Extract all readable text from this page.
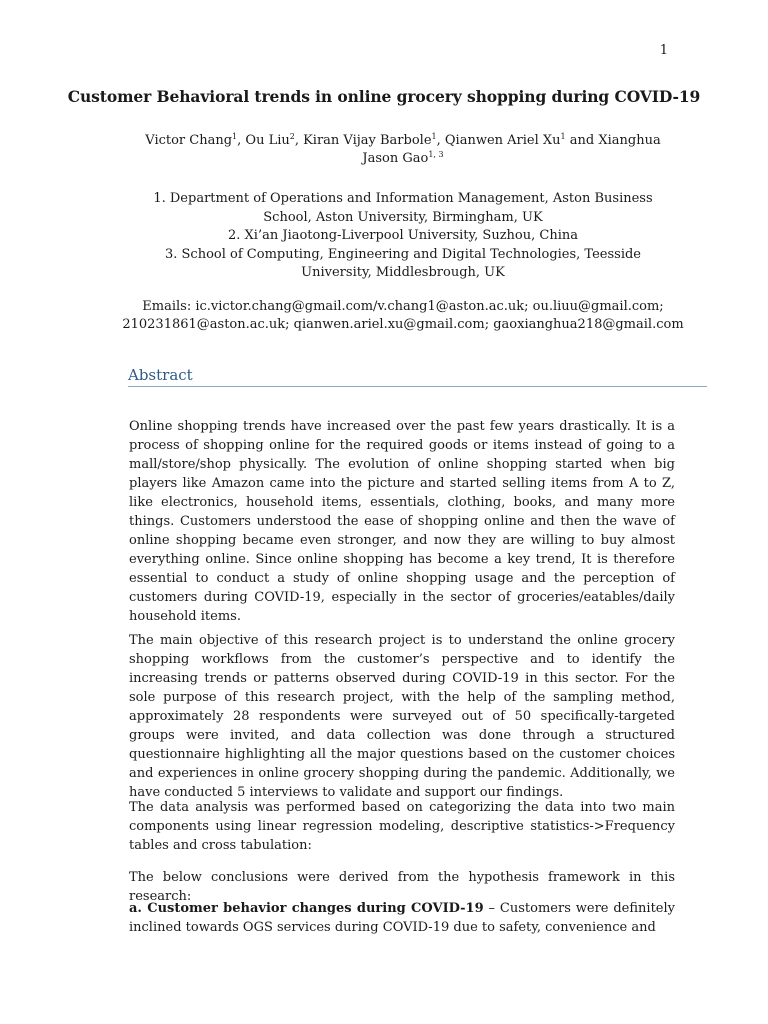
1
Customer Behavioral trends in online grocery shopping during COVID-19
Victor Chang$^1$, Ou Liu$^2$, Kiran Vijay Barbole$^1$, Qianwen Ariel Xu$^1$ and Xianghua Jason Gao$^{1, 3}$
1. Department of Operations and Information Management, Aston Business School, Aston University, Birmingham, UK
2. Xi’an Jiaotong-Liverpool University, Suzhou, China
3. School of Computing, Engineering and Digital Technologies, Teesside University, Middlesbrough, UK
Emails: ic.victor.chang@gmail.com/v.chang1@aston.ac.uk; ou.liuu@gmail.com; 210231861@aston.ac.uk; qianwen.ariel.xu@gmail.com; gaoxianghua218@gmail.com
Abstract

Online shopping trends have increased over the past few years drastically. It is a process of shopping online for the required goods or items instead of going to a mall/store/shop physically. The evolution of online shopping started when big players like Amazon came into the picture and started selling items from A to Z, like electronics, household items, essentials, clothing, books, and many more things. Customers understood the ease of shopping online and then the wave of online shopping became even stronger, and now they are willing to buy almost everything online. Since online shopping has become a key trend, It is therefore essential to conduct a study of online shopping usage and the perception of customers during COVID-19, especially in the sector of groceries/eatables/daily household items.

The main objective of this research project is to understand the online grocery shopping workflows from the customer’s perspective and to identify the increasing trends or patterns observed during COVID-19 in this sector. For the sole purpose of this research project, with the help of the sampling method, approximately 28 respondents were surveyed out of 50 specifically-targeted groups were invited, and data collection was done through a structured questionnaire highlighting all the major questions based on the customer choices and experiences in online grocery shopping during the pandemic. Additionally, we have conducted 5 interviews to validate and support our findings.

The data analysis was performed based on categorizing the data into two main components using linear regression modeling, descriptive statistics->Frequency tables and cross tabulation:

The below conclusions were derived from the hypothesis framework in this research:

a. Customer behavior changes during COVID-19 – Customers were definitely inclined towards OGS services during COVID-19 due to safety, convenience and
